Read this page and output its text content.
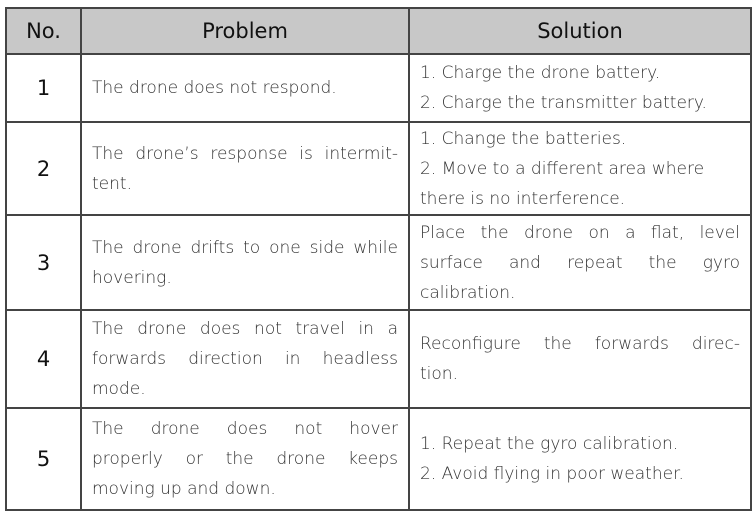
No.	Problem	Solution
1	The drone does not respond.	1. Charge the drone battery.
2. Charge the transmitter battery.

2	The drone’s response is intermit-
tent.	1. Change the batteries.
2. Move to a different area where
there is no interference.

3	The drone drifts to one side while
hovering.	Place the drone on a flat, level
surface and repeat the gyro
calibration.

4	The drone does not travel in a
forwards direction in headless
mode.	Reconfigure the forwards direc-
tion.

5	The drone does not hover
properly or the drone keeps
moving up and down.	1. Repeat the gyro calibration.
2. Avoid flying in poor weather.
